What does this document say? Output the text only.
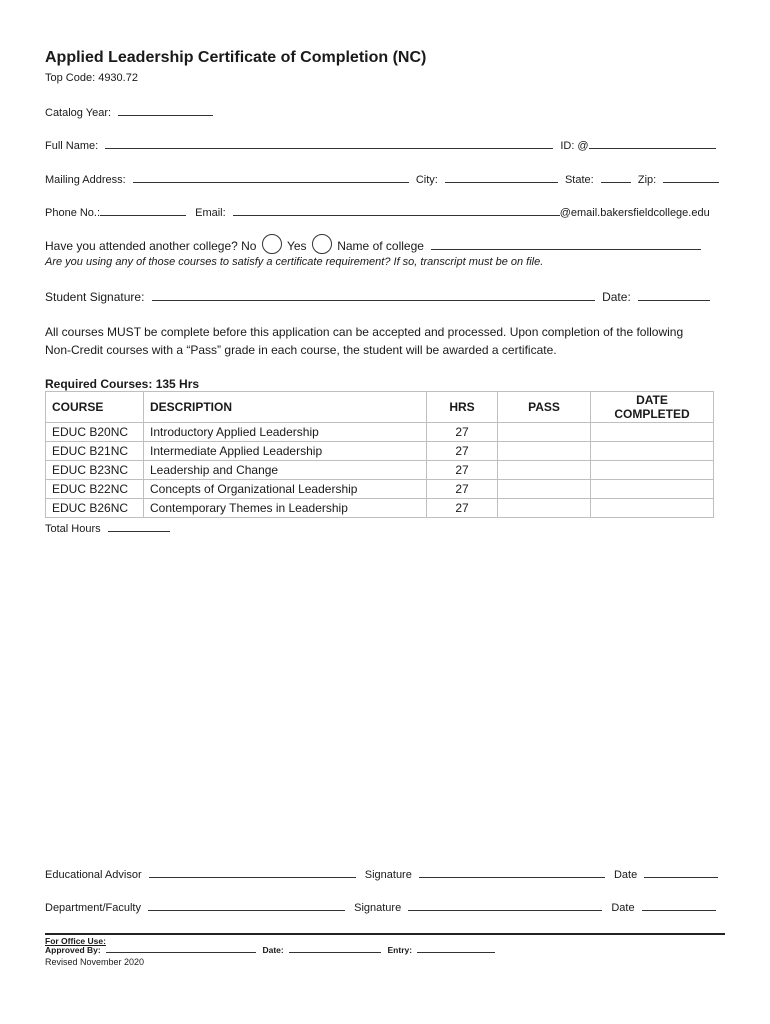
Applied Leadership Certificate of Completion (NC)
Top Code: 4930.72
Catalog Year:
Full Name:	ID: @
Mailing Address:	City:	State:	Zip:
Phone No.:	Email:	@email.bakersfieldcollege.edu
Have you attended another college? No	Yes	Name of college
Are you using any of those courses to satisfy a certificate requirement? If so, transcript must be on file.
Student Signature:	Date:
All courses MUST be complete before this application can be accepted and processed. Upon completion of the following
Non-Credit courses with a “Pass” grade in each course, the student will be awarded a certificate.
Required Courses: 135 Hrs
COURSE	DESCRIPTION	HRS	PASS	DATE COMPLETED
EDUC B20NC	Introductory Applied Leadership	27		
EDUC B21NC	Intermediate Applied Leadership	27		
EDUC B23NC	Leadership and Change	27		
EDUC B22NC	Concepts of Organizational Leadership	27		
EDUC B26NC	Contemporary Themes in Leadership	27		
Total Hours
Educational Advisor	Signature	Date
Department/Faculty	Signature	Date
For Office Use:
Approved By:	Date:	Entry:
Revised November 2020
